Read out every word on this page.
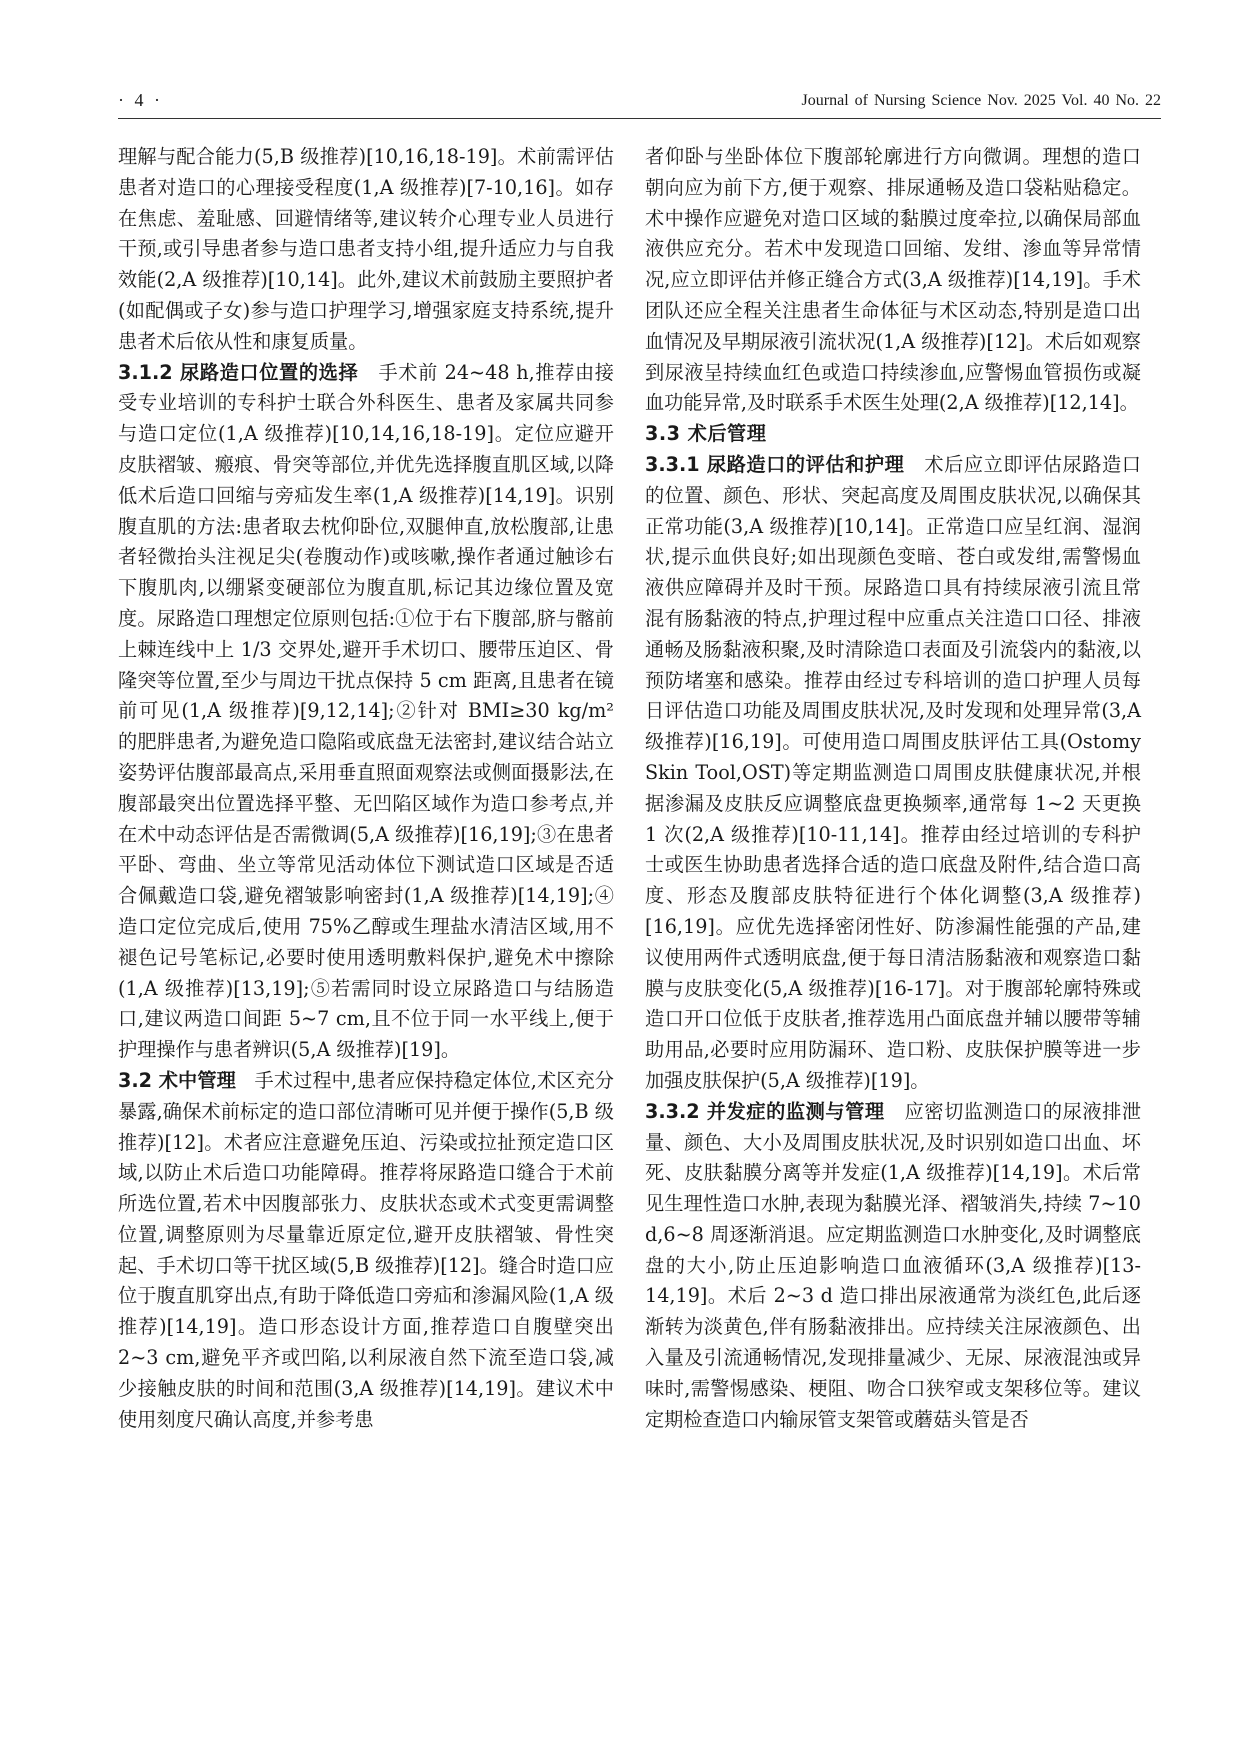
· 4 ·	Journal of Nursing Science Nov. 2025 Vol. 40 No. 22

理解与配合能力(5,B 级推荐)[10,16,18-19]。术前需评估患者对造口的心理接受程度(1,A 级推荐)[7-10,16]。如存在焦虑、羞耻感、回避情绪等,建议转介心理专业人员进行干预,或引导患者参与造口患者支持小组,提升适应力与自我效能(2,A 级推荐)[10,14]。此外,建议术前鼓励主要照护者(如配偶或子女)参与造口护理学习,增强家庭支持系统,提升患者术后依从性和康复质量。

3.1.2 尿路造口位置的选择 手术前 24~48 h,推荐由接受专业培训的专科护士联合外科医生、患者及家属共同参与造口定位(1,A 级推荐)[10,14,16,18-19]。定位应避开皮肤褶皱、瘢痕、骨突等部位,并优先选择腹直肌区域,以降低术后造口回缩与旁疝发生率(1,A 级推荐)[14,19]。识别腹直肌的方法:患者取去枕仰卧位,双腿伸直,放松腹部,让患者轻微抬头注视足尖(卷腹动作)或咳嗽,操作者通过触诊右下腹肌肉,以绷紧变硬部位为腹直肌,标记其边缘位置及宽度。尿路造口理想定位原则包括:①位于右下腹部,脐与髂前上棘连线中上 1/3 交界处,避开手术切口、腰带压迫区、骨隆突等位置,至少与周边干扰点保持 5 cm 距离,且患者在镜前可见(1,A 级推荐)[9,12,14];②针对 BMI≥30 kg/m² 的肥胖患者,为避免造口隐陷或底盘无法密封,建议结合站立姿势评估腹部最高点,采用垂直照面观察法或侧面摄影法,在腹部最突出位置选择平整、无凹陷区域作为造口参考点,并在术中动态评估是否需微调(5,A 级推荐)[16,19];③在患者平卧、弯曲、坐立等常见活动体位下测试造口区域是否适合佩戴造口袋,避免褶皱影响密封(1,A 级推荐)[14,19];④造口定位完成后,使用 75%乙醇或生理盐水清洁区域,用不褪色记号笔标记,必要时使用透明敷料保护,避免术中擦除(1,A 级推荐)[13,19];⑤若需同时设立尿路造口与结肠造口,建议两造口间距 5~7 cm,且不位于同一水平线上,便于护理操作与患者辨识(5,A 级推荐)[19]。

3.2 术中管理 手术过程中,患者应保持稳定体位,术区充分暴露,确保术前标定的造口部位清晰可见并便于操作(5,B 级推荐)[12]。术者应注意避免压迫、污染或拉扯预定造口区域,以防止术后造口功能障碍。推荐将尿路造口缝合于术前所选位置,若术中因腹部张力、皮肤状态或术式变更需调整位置,调整原则为尽量靠近原定位,避开皮肤褶皱、骨性突起、手术切口等干扰区域(5,B 级推荐)[12]。缝合时造口应位于腹直肌穿出点,有助于降低造口旁疝和渗漏风险(1,A 级推荐)[14,19]。造口形态设计方面,推荐造口自腹壁突出 2~3 cm,避免平齐或凹陷,以利尿液自然下流至造口袋,减少接触皮肤的时间和范围(3,A 级推荐)[14,19]。建议术中使用刻度尺确认高度,并参考患

者仰卧与坐卧体位下腹部轮廓进行方向微调。理想的造口朝向应为前下方,便于观察、排尿通畅及造口袋粘贴稳定。术中操作应避免对造口区域的黏膜过度牵拉,以确保局部血液供应充分。若术中发现造口回缩、发绀、渗血等异常情况,应立即评估并修正缝合方式(3,A 级推荐)[14,19]。手术团队还应全程关注患者生命体征与术区动态,特别是造口出血情况及早期尿液引流状况(1,A 级推荐)[12]。术后如观察到尿液呈持续血红色或造口持续渗血,应警惕血管损伤或凝血功能异常,及时联系手术医生处理(2,A 级推荐)[12,14]。

3.3 术后管理

3.3.1 尿路造口的评估和护理 术后应立即评估尿路造口的位置、颜色、形状、突起高度及周围皮肤状况,以确保其正常功能(3,A 级推荐)[10,14]。正常造口应呈红润、湿润状,提示血供良好;如出现颜色变暗、苍白或发绀,需警惕血液供应障碍并及时干预。尿路造口具有持续尿液引流且常混有肠黏液的特点,护理过程中应重点关注造口口径、排液通畅及肠黏液积聚,及时清除造口表面及引流袋内的黏液,以预防堵塞和感染。推荐由经过专科培训的造口护理人员每日评估造口功能及周围皮肤状况,及时发现和处理异常(3,A 级推荐)[16,19]。可使用造口周围皮肤评估工具(Ostomy Skin Tool,OST)等定期监测造口周围皮肤健康状况,并根据渗漏及皮肤反应调整底盘更换频率,通常每 1~2 天更换 1 次(2,A 级推荐)[10-11,14]。推荐由经过培训的专科护士或医生协助患者选择合适的造口底盘及附件,结合造口高度、形态及腹部皮肤特征进行个体化调整(3,A 级推荐)[16,19]。应优先选择密闭性好、防渗漏性能强的产品,建议使用两件式透明底盘,便于每日清洁肠黏液和观察造口黏膜与皮肤变化(5,A 级推荐)[16-17]。对于腹部轮廓特殊或造口开口位低于皮肤者,推荐选用凸面底盘并辅以腰带等辅助用品,必要时应用防漏环、造口粉、皮肤保护膜等进一步加强皮肤保护(5,A 级推荐)[19]。

3.3.2 并发症的监测与管理 应密切监测造口的尿液排泄量、颜色、大小及周围皮肤状况,及时识别如造口出血、坏死、皮肤黏膜分离等并发症(1,A 级推荐)[14,19]。术后常见生理性造口水肿,表现为黏膜光泽、褶皱消失,持续 7~10 d,6~8 周逐渐消退。应定期监测造口水肿变化,及时调整底盘的大小,防止压迫影响造口血液循环(3,A 级推荐)[13-14,19]。术后 2~3 d 造口排出尿液通常为淡红色,此后逐渐转为淡黄色,伴有肠黏液排出。应持续关注尿液颜色、出入量及引流通畅情况,发现排量减少、无尿、尿液混浊或异味时,需警惕感染、梗阻、吻合口狭窄或支架移位等。建议定期检查造口内输尿管支架管或蘑菇头管是否
